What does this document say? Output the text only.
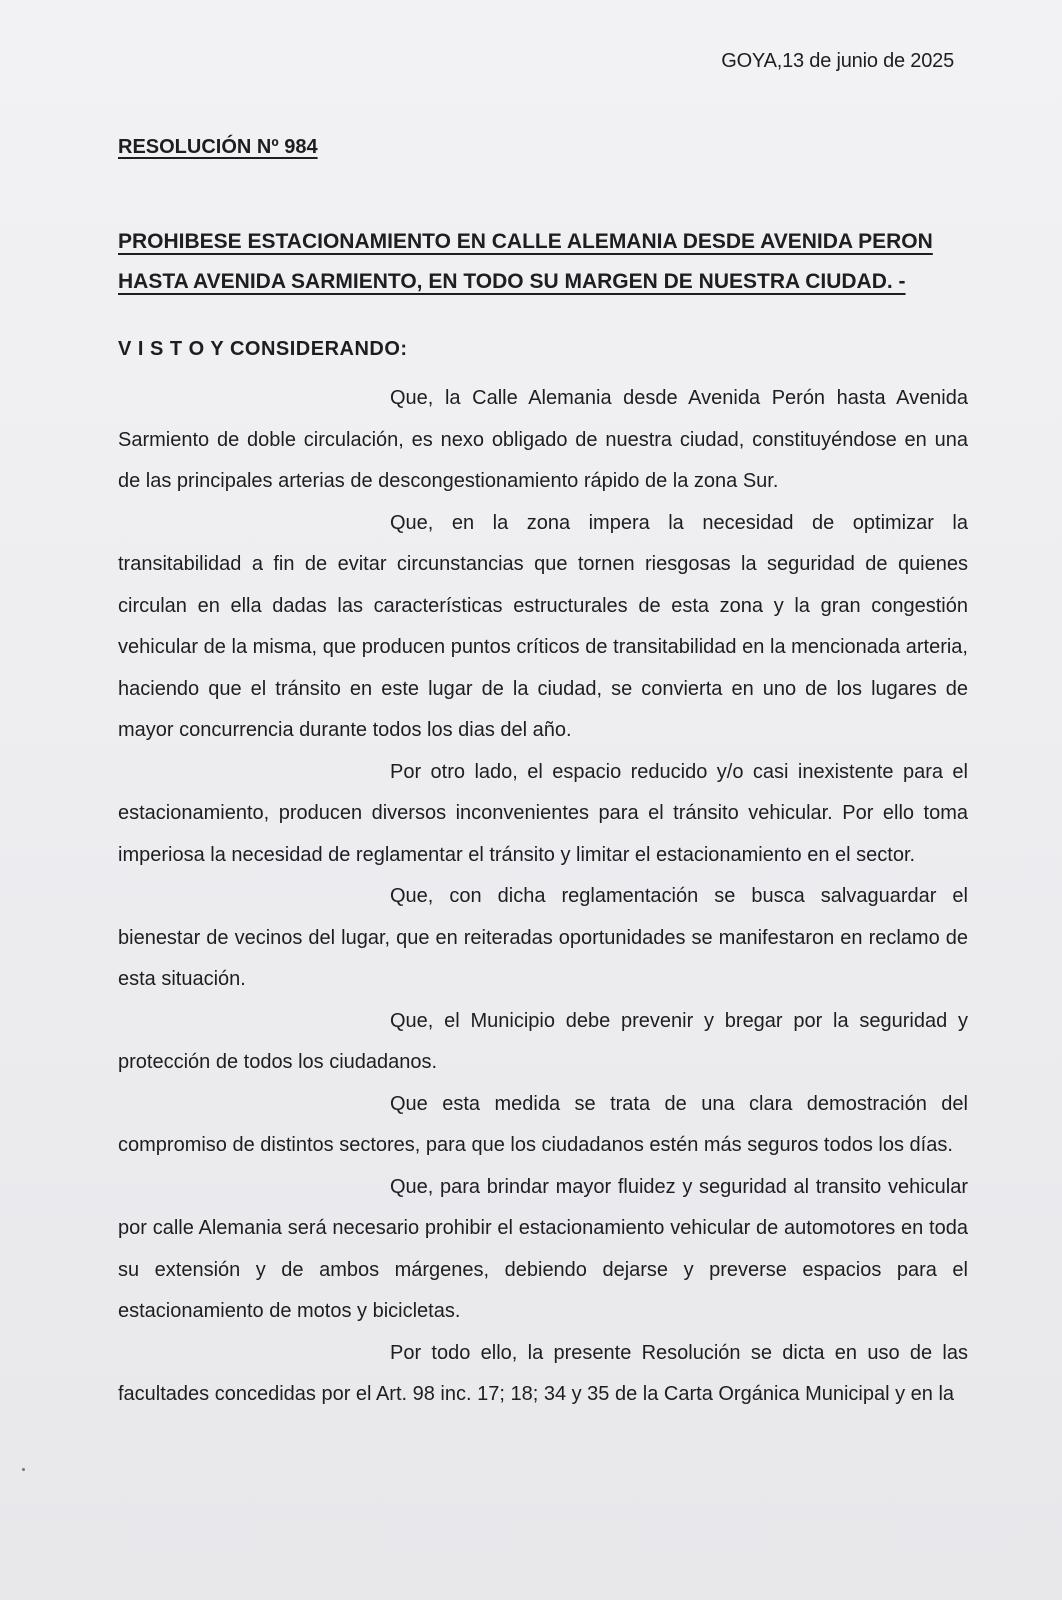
GOYA,13 de junio de 2025
RESOLUCIÓN Nº 984
PROHIBESE ESTACIONAMIENTO EN CALLE ALEMANIA DESDE AVENIDA PERON HASTA AVENIDA SARMIENTO, EN TODO SU MARGEN DE NUESTRA CIUDAD. -
V I S T O Y CONSIDERANDO:

Que, la Calle Alemania desde Avenida Perón hasta Avenida Sarmiento de doble circulación, es nexo obligado de nuestra ciudad, constituyéndose en una de las principales arterias de descongestionamiento rápido de la zona Sur.

Que, en la zona impera la necesidad de optimizar la transitabilidad a fin de evitar circunstancias que tornen riesgosas la seguridad de quienes circulan en ella dadas las características estructurales de esta zona y la gran congestión vehicular de la misma, que producen puntos críticos de transitabilidad en la mencionada arteria, haciendo que el tránsito en este lugar de la ciudad, se convierta en uno de los lugares de mayor concurrencia durante todos los dias del año.

Por otro lado, el espacio reducido y/o casi inexistente para el estacionamiento, producen diversos inconvenientes para el tránsito vehicular. Por ello toma imperiosa la necesidad de reglamentar el tránsito y limitar el estacionamiento en el sector.

Que, con dicha reglamentación se busca salvaguardar el bienestar de vecinos del lugar, que en reiteradas oportunidades se manifestaron en reclamo de esta situación.

Que, el Municipio debe prevenir y bregar por la seguridad y protección de todos los ciudadanos.

Que esta medida se trata de una clara demostración del compromiso de distintos sectores, para que los ciudadanos estén más seguros todos los días.

Que, para brindar mayor fluidez y seguridad al transito vehicular por calle Alemania será necesario prohibir el estacionamiento vehicular de automotores en toda su extensión y de ambos márgenes, debiendo dejarse y preverse espacios para el estacionamiento de motos y bicicletas.

Por todo ello, la presente Resolución se dicta en uso de las facultades concedidas por el Art. 98 inc. 17; 18; 34 y 35 de la Carta Orgánica Municipal y en la
